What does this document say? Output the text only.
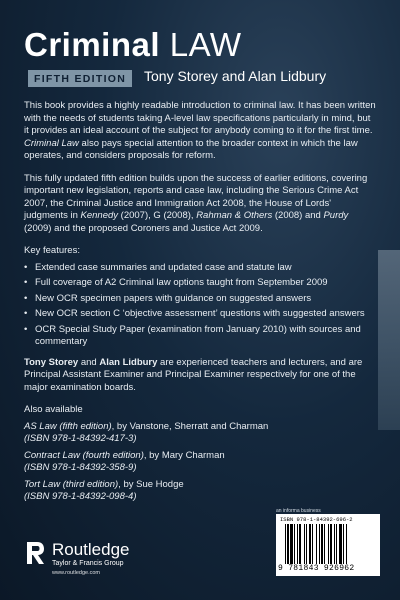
Criminal LAW
FIFTH EDITION	Tony Storey and Alan Lidbury

This book provides a highly readable introduction to criminal law. It has been written with the needs of students taking A-level law specifications particularly in mind, but it provides an ideal account of the subject for anybody coming to it for the first time. Criminal Law also pays special attention to the broader context in which the law operates, and considers proposals for reform.

This fully updated fifth edition builds upon the success of earlier editions, covering important new legislation, reports and case law, including the Serious Crime Act 2007, the Criminal Justice and Immigration Act 2008, the House of Lords' judgments in Kennedy (2007), G (2008), Rahman & Others (2008) and Purdy (2009) and the proposed Coroners and Justice Act 2009.

Key features:
• Extended case summaries and updated case and statute law
• Full coverage of A2 Criminal law options taught from September 2009
• New OCR specimen papers with guidance on suggested answers
• New OCR section C ‘objective assessment’ questions with suggested answers
• OCR Special Study Paper (examination from January 2010) with sources and commentary

Tony Storey and Alan Lidbury are experienced teachers and lecturers, and are Principal Assistant Examiner and Principal Examiner respectively for one of the major examination boards.

Also available
AS Law (fifth edition), by Vanstone, Sherratt and Charman
(ISBN 978-1-84392-417-3)
Contract Law (fourth edition), by Mary Charman
(ISBN 978-1-84392-358-9)
Tort Law (third edition), by Sue Hodge
(ISBN 978-1-84392-098-4)
Routledge
Taylor & Francis Group
www.routledge.com
an informa business
ISBN 978-1-84392-696-2
9 781843 926962
